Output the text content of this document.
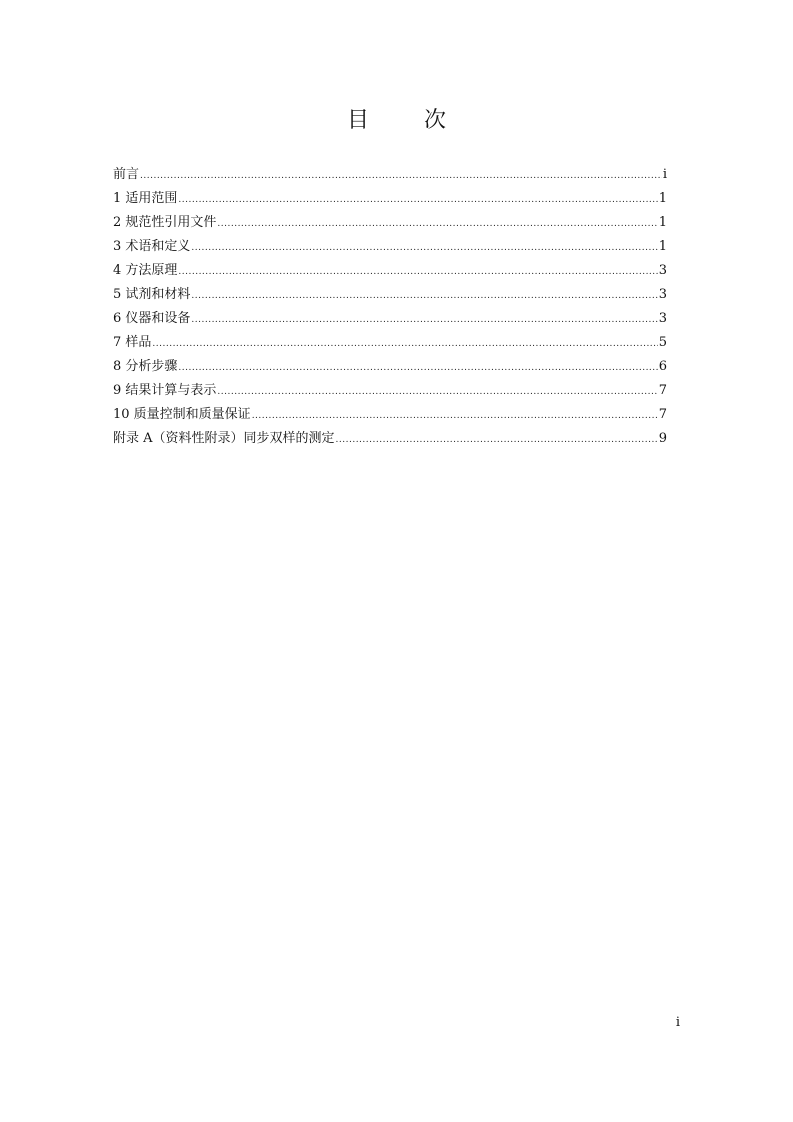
目 次
前言 .....	i
1 适用范围 .....	1
2 规范性引用文件 .....	1
3 术语和定义 .....	1
4 方法原理 .....	3
5 试剂和材料 .....	3
6 仪器和设备 .....	3
7 样品 .....	5
8 分析步骤 .....	6
9 结果计算与表示 .....	7
10 质量控制和质量保证 .....	7
附录 A（资料性附录）同步双样的测定 .....	9
i
